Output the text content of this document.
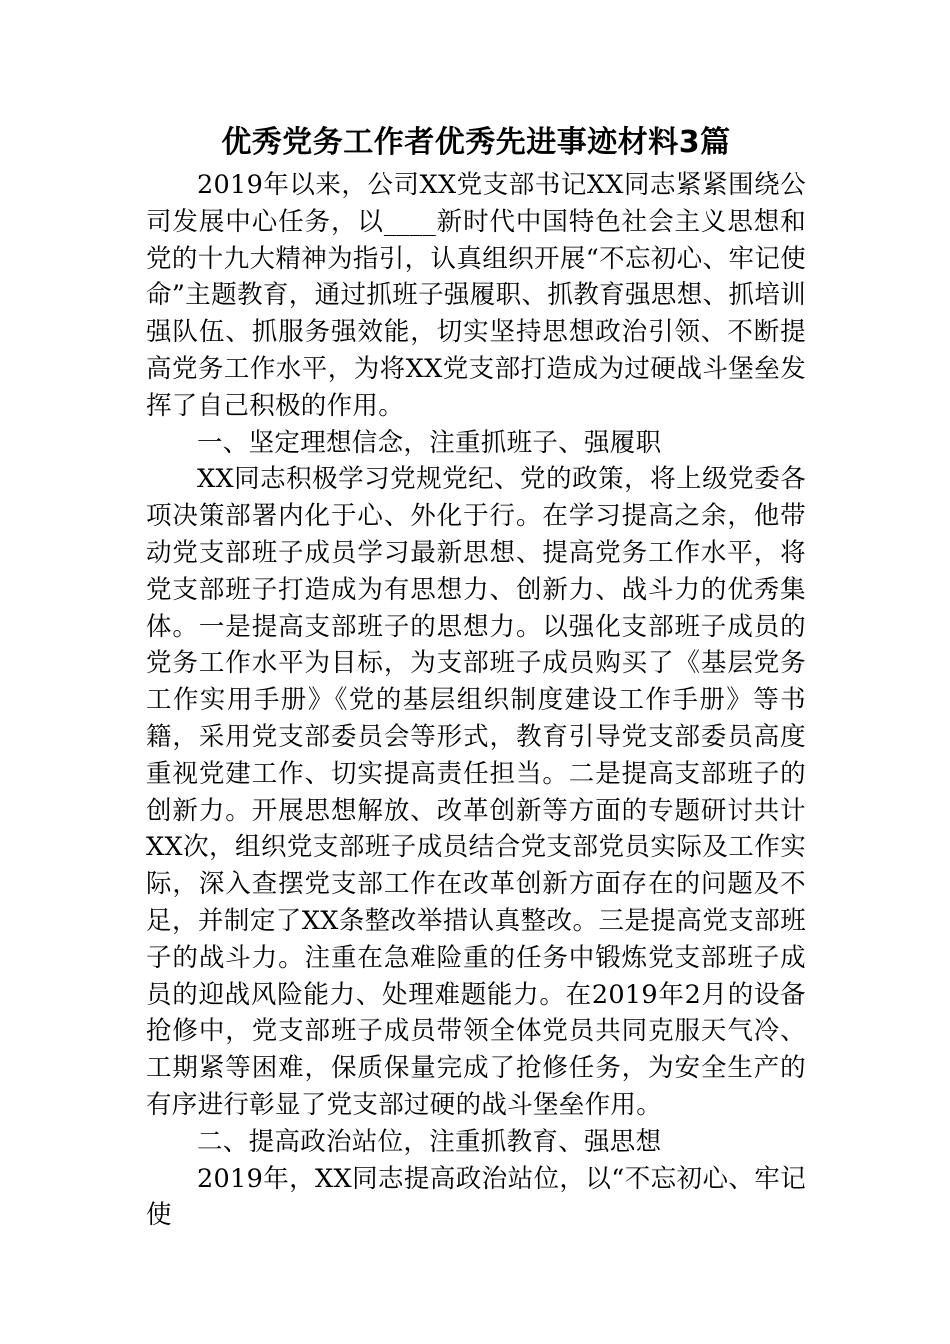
优秀党务工作者优秀先进事迹材料3篇

2019年以来，公司XX党支部书记XX同志紧紧围绕公司发展中心任务，以____新时代中国特色社会主义思想和党的十九大精神为指引，认真组织开展“不忘初心、牢记使命”主题教育，通过抓班子强履职、抓教育强思想、抓培训强队伍、抓服务强效能，切实坚持思想政治引领、不断提高党务工作水平，为将XX党支部打造成为过硬战斗堡垒发挥了自己积极的作用。

一、坚定理想信念，注重抓班子、强履职

XX同志积极学习党规党纪、党的政策，将上级党委各项决策部署内化于心、外化于行。在学习提高之余，他带动党支部班子成员学习最新思想、提高党务工作水平，将党支部班子打造成为有思想力、创新力、战斗力的优秀集体。一是提高支部班子的思想力。以强化支部班子成员的党务工作水平为目标，为支部班子成员购买了《基层党务工作实用手册》《党的基层组织制度建设工作手册》等书籍，采用党支部委员会等形式，教育引导党支部委员高度重视党建工作、切实提高责任担当。二是提高支部班子的创新力。开展思想解放、改革创新等方面的专题研讨共计XX次，组织党支部班子成员结合党支部党员实际及工作实际，深入查摆党支部工作在改革创新方面存在的问题及不足，并制定了XX条整改举措认真整改。三是提高党支部班子的战斗力。注重在急难险重的任务中锻炼党支部班子成员的迎战风险能力、处理难题能力。在2019年2月的设备抢修中，党支部班子成员带领全体党员共同克服天气冷、工期紧等困难，保质保量完成了抢修任务，为安全生产的有序进行彰显了党支部过硬的战斗堡垒作用。

二、提高政治站位，注重抓教育、强思想

2019年，XX同志提高政治站位，以“不忘初心、牢记使
